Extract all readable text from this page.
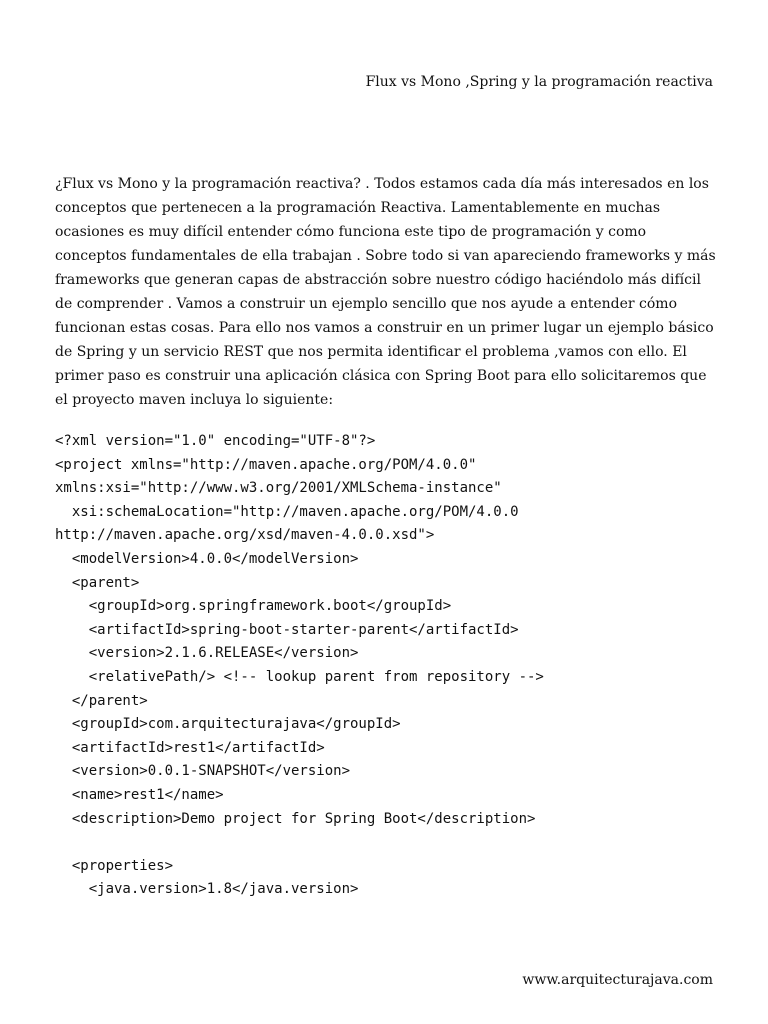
Flux vs Mono ,Spring y la programación reactiva
¿Flux vs Mono y la programación reactiva? . Todos estamos cada día más interesados en los
conceptos que pertenecen a la programación Reactiva. Lamentablemente en muchas
ocasiones es muy difícil entender cómo funciona este tipo de programación y como
conceptos fundamentales de ella trabajan . Sobre todo si van apareciendo frameworks y más
frameworks que generan capas de abstracción sobre nuestro código haciéndolo más difícil
de comprender . Vamos a construir un ejemplo sencillo que nos ayude a entender cómo
funcionan estas cosas. Para ello nos vamos a construir en un primer lugar un ejemplo básico
de Spring y un servicio REST que nos permita identificar el problema ,vamos con ello. El
primer paso es construir una aplicación clásica con Spring Boot para ello solicitaremos que
el proyecto maven incluya lo siguiente:
<?xml version="1.0" encoding="UTF-8"?>
<project xmlns="http://maven.apache.org/POM/4.0.0"
xmlns:xsi="http://www.w3.org/2001/XMLSchema-instance"
xsi:schemaLocation="http://maven.apache.org/POM/4.0.0
http://maven.apache.org/xsd/maven-4.0.0.xsd">
<modelVersion>4.0.0</modelVersion>
<parent>
<groupId>org.springframework.boot</groupId>
<artifactId>spring-boot-starter-parent</artifactId>
<version>2.1.6.RELEASE</version>
<relativePath/> <!-- lookup parent from repository -->
</parent>
<groupId>com.arquitecturajava</groupId>
<artifactId>rest1</artifactId>
<version>0.0.1-SNAPSHOT</version>
<name>rest1</name>
<description>Demo project for Spring Boot</description>
<properties>
<java.version>1.8</java.version>
www.arquitecturajava.com
